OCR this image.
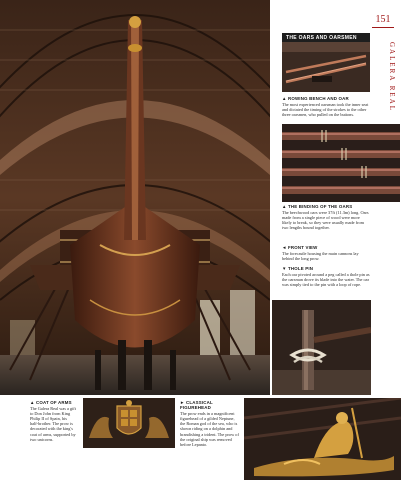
151
GALERA REAL
THE OARS AND OARSMEN
▲ ROWING BENCH AND OAR
The most experienced oarsman took the inner seat and dictated the timing of the strokes to the other three oarsmen, who pulled on the buttons.
▲ THE BINDING OF THE OARS
The beechwood oars were 37ft (11.3m) long. Oars made from a single piece of wood were more likely to break, so they were usually made from two lengths bound together.
◄ FRONT VIEW
The forecastle housing the main cannons lay behind the long prow.
▼ THOLE PIN
Each oar pivoted around a peg called a thole pin as the oarsman drove its blade into the water. The oar was simply tied to the pin with a loop of rope.
▲ COAT OF ARMS
The Galera Real was a gift to Don John from King Philip II of Spain, his half-brother. The prow is decorated with the king's coat of arms, supported by two unicorns.
► CLASSICAL FIGUREHEAD
The prow ends in a magnificent figurehead of a gilded Neptune, the Roman god of the sea, who is shown riding on a dolphin and brandishing a trident. The prow of the original ship was removed before Lepanto.
